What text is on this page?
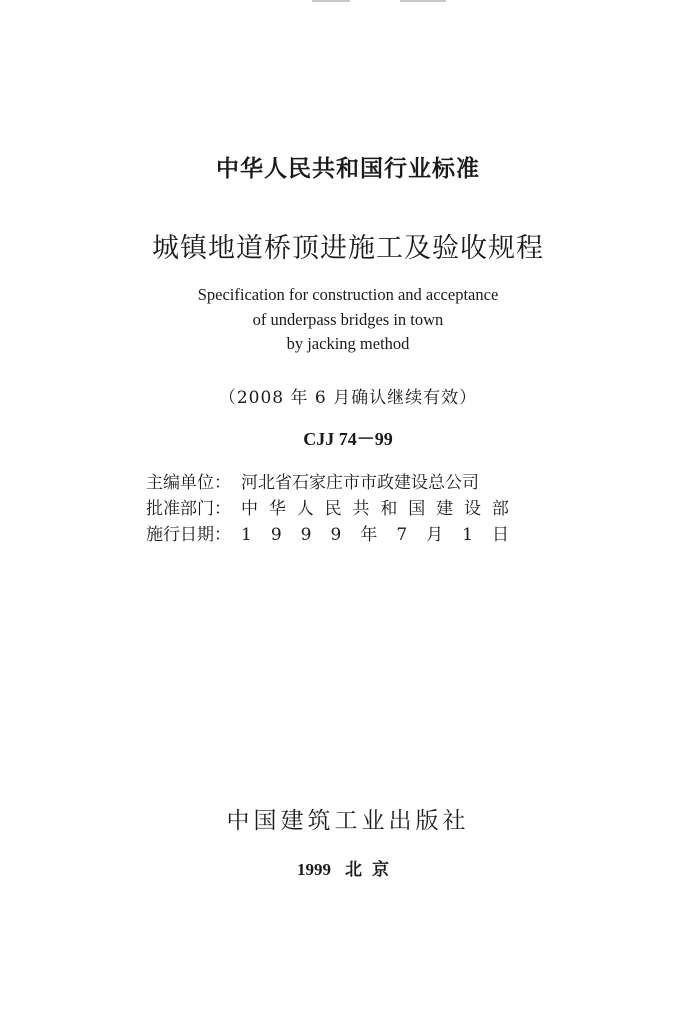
中华人民共和国行业标准
城镇地道桥顶进施工及验收规程
Specification for construction and acceptance
of underpass bridges in town
by jacking method
（2008 年 6 月确认继续有效）
CJJ 74－99
主编单位： 河北省石家庄市市政建设总公司
批准部门： 中 华 人 民 共 和 国 建 设 部
施行日期： 1 9 9 9 年 7 月 1 日
中国建筑工业出版社
1999 北京
